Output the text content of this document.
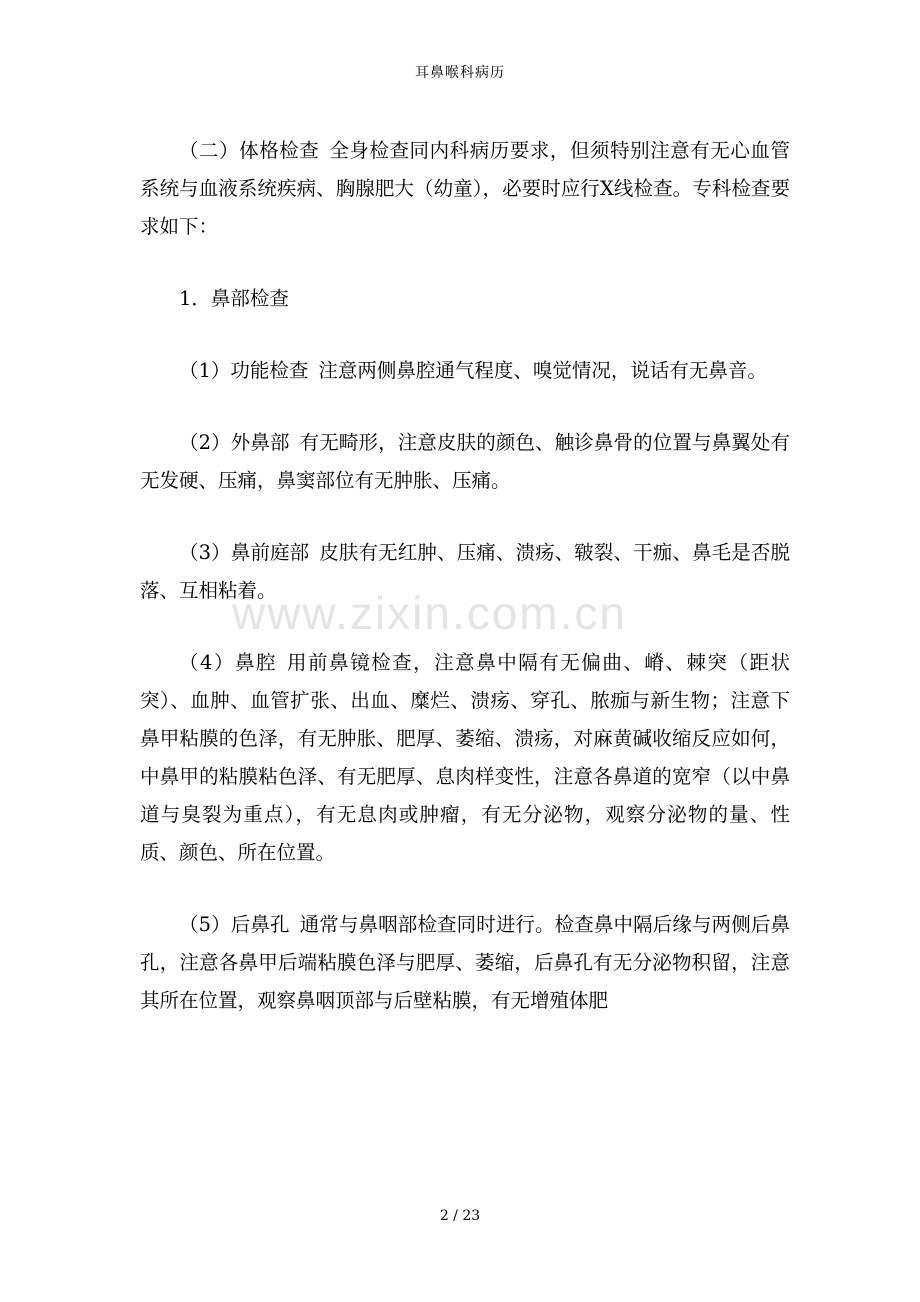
耳鼻喉科病历
www.zixin.com.cn

（二）体格检查 全身检查同内科病历要求，但须特别注意有无心血管系统与血液系统疾病、胸腺肥大（幼童），必要时应行X线检查。专科检查要求如下：

1．鼻部检查

（1）功能检查 注意两侧鼻腔通气程度、嗅觉情况，说话有无鼻音。

（2）外鼻部 有无畸形，注意皮肤的颜色、触诊鼻骨的位置与鼻翼处有无发硬、压痛，鼻窦部位有无肿胀、压痛。

（3）鼻前庭部 皮肤有无红肿、压痛、溃疡、皲裂、干痂、鼻毛是否脱落、互相粘着。

（4）鼻腔 用前鼻镜检查，注意鼻中隔有无偏曲、嵴、棘突（距状突）、血肿、血管扩张、出血、糜烂、溃疡、穿孔、脓痂与新生物；注意下鼻甲粘膜的色泽，有无肿胀、肥厚、萎缩、溃疡，对麻黄碱收缩反应如何，中鼻甲的粘膜粘色泽、有无肥厚、息肉样变性，注意各鼻道的宽窄（以中鼻道与臭裂为重点），有无息肉或肿瘤，有无分泌物，观察分泌物的量、性质、颜色、所在位置。

（5）后鼻孔 通常与鼻咽部检查同时进行。检查鼻中隔后缘与两侧后鼻孔，注意各鼻甲后端粘膜色泽与肥厚、萎缩，后鼻孔有无分泌物积留，注意其所在位置，观察鼻咽顶部与后壁粘膜，有无增殖体肥

2 / 23
